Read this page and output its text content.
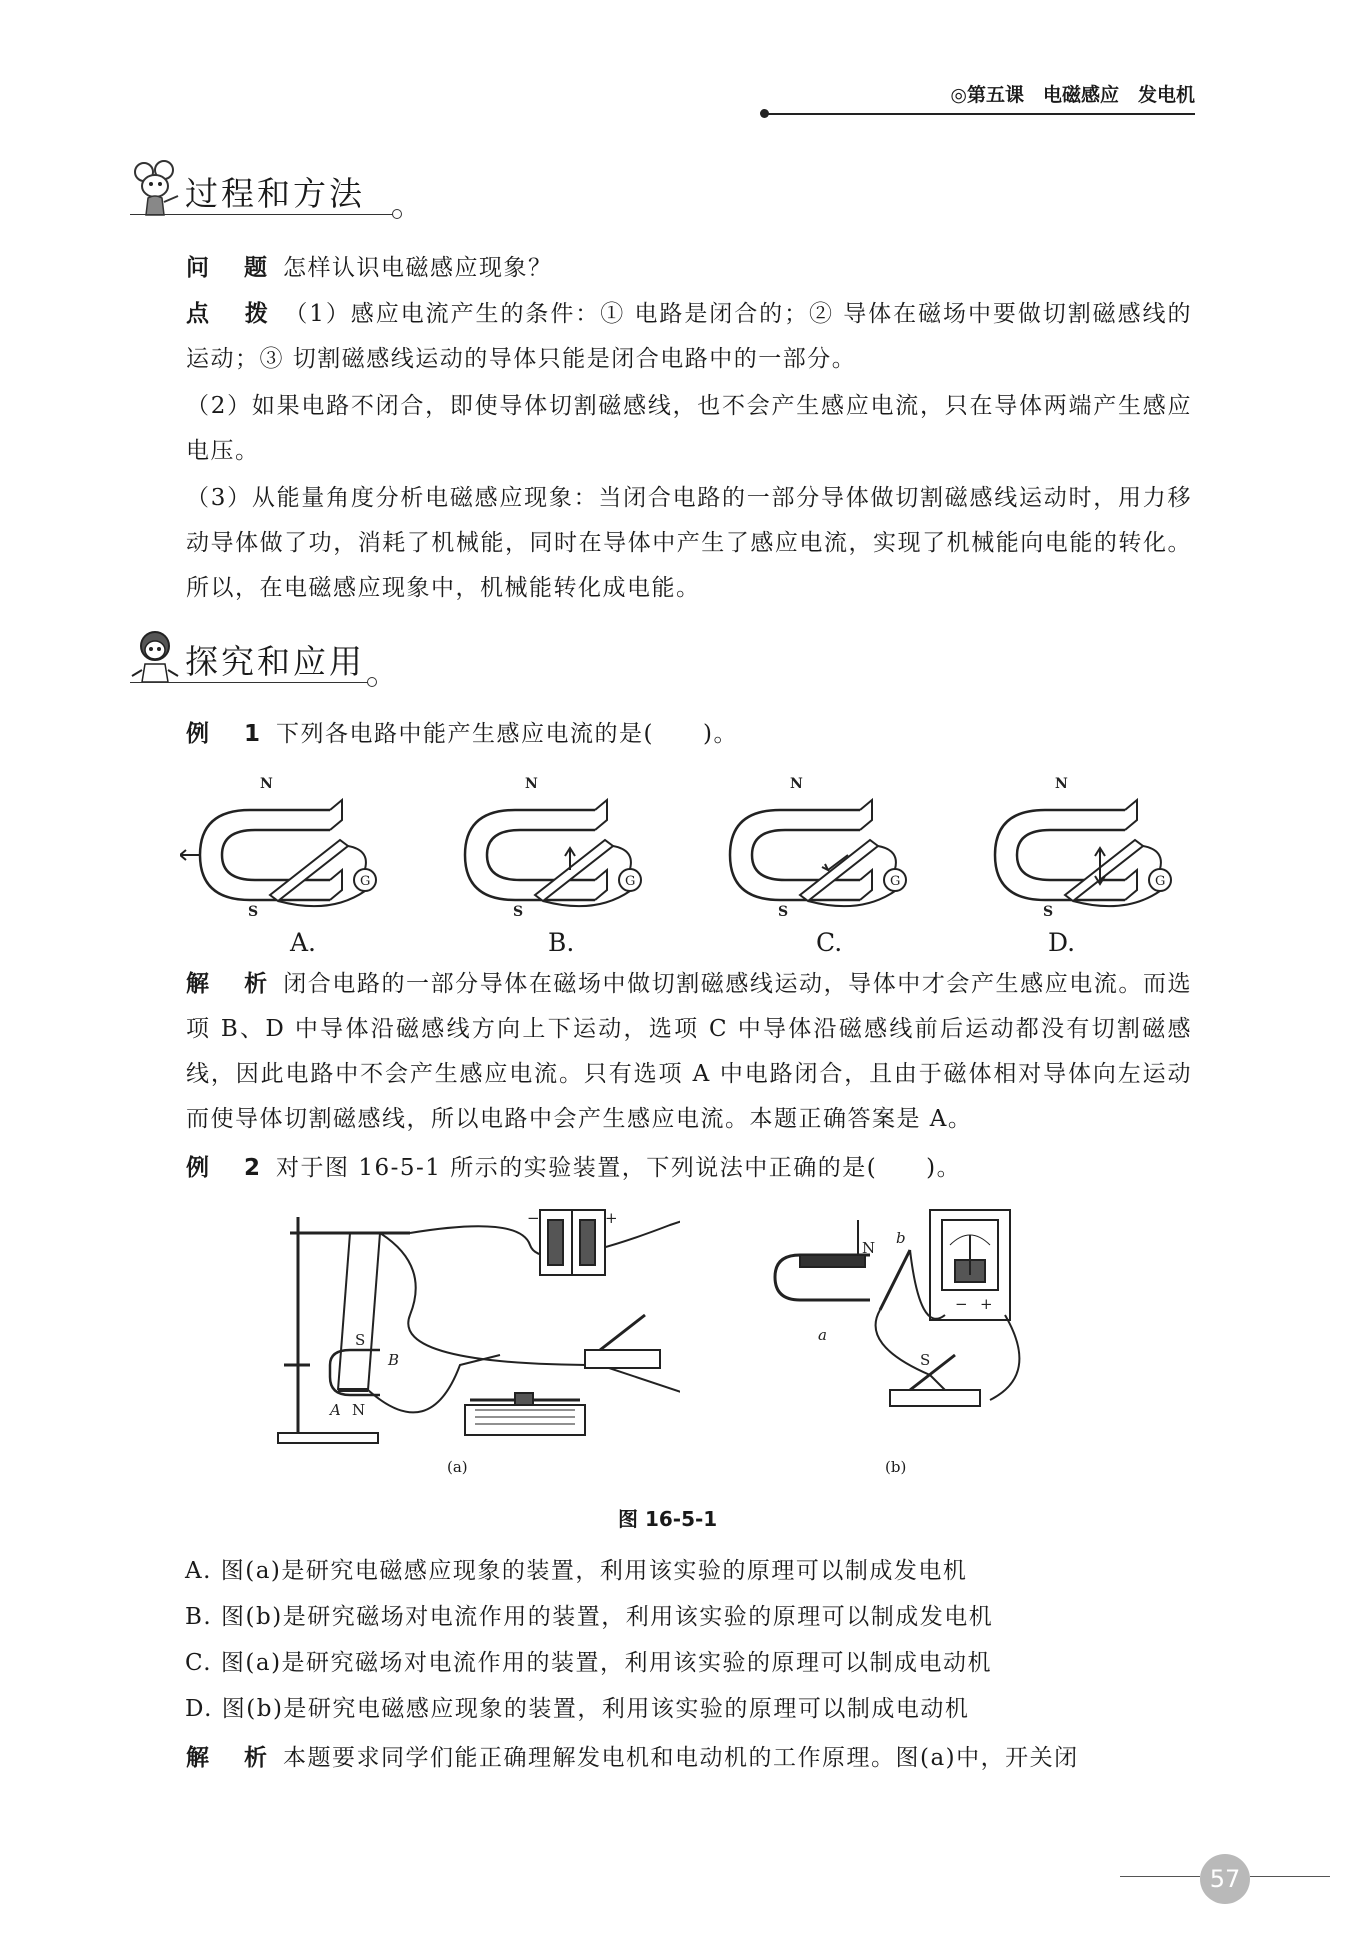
◎第五课　电磁感应　发电机
过程和方法
问　题 怎样认识电磁感应现象？
点　拨 （1）感应电流产生的条件：① 电路是闭合的；② 导体在磁场中要做切割磁感线的运动；③ 切割磁感线运动的导体只能是闭合电路中的一部分。
（2）如果电路不闭合，即使导体切割磁感线，也不会产生感应电流，只在导体两端产生感应电压。
（3）从能量角度分析电磁感应现象：当闭合电路的一部分导体做切割磁感线运动时，用力移动导体做了功，消耗了机械能，同时在导体中产生了感应电流，实现了机械能向电能的转化。所以，在电磁感应现象中，机械能转化成电能。
探究和应用
例　1 下列各电路中能产生感应电流的是(　　)。
N
S
G
N
S
G
N
S
G
N
S
G
A.	B.	C.	D.
解　析 闭合电路的一部分导体在磁场中做切割磁感线运动，导体中才会产生感应电流。而选项 B、D 中导体沿磁感线方向上下运动，选项 C 中导体沿磁感线前后运动都没有切割磁感线，因此电路中不会产生感应电流。只有选项 A 中电路闭合，且由于磁体相对导体向左运动而使导体切割磁感线，所以电路中会产生感应电流。本题正确答案是 A。
例　2 对于图 16-5-1 所示的实验装置，下列说法中正确的是(　　)。
S
B
A N
−	+
(a)
N
b
a
S
− +
(b)
图 16-5-1
A. 图(a)是研究电磁感应现象的装置，利用该实验的原理可以制成发电机
B. 图(b)是研究磁场对电流作用的装置，利用该实验的原理可以制成发电机
C. 图(a)是研究磁场对电流作用的装置，利用该实验的原理可以制成电动机
D. 图(b)是研究电磁感应现象的装置，利用该实验的原理可以制成电动机
解　析 本题要求同学们能正确理解发电机和电动机的工作原理。图(a)中，开关闭
57
